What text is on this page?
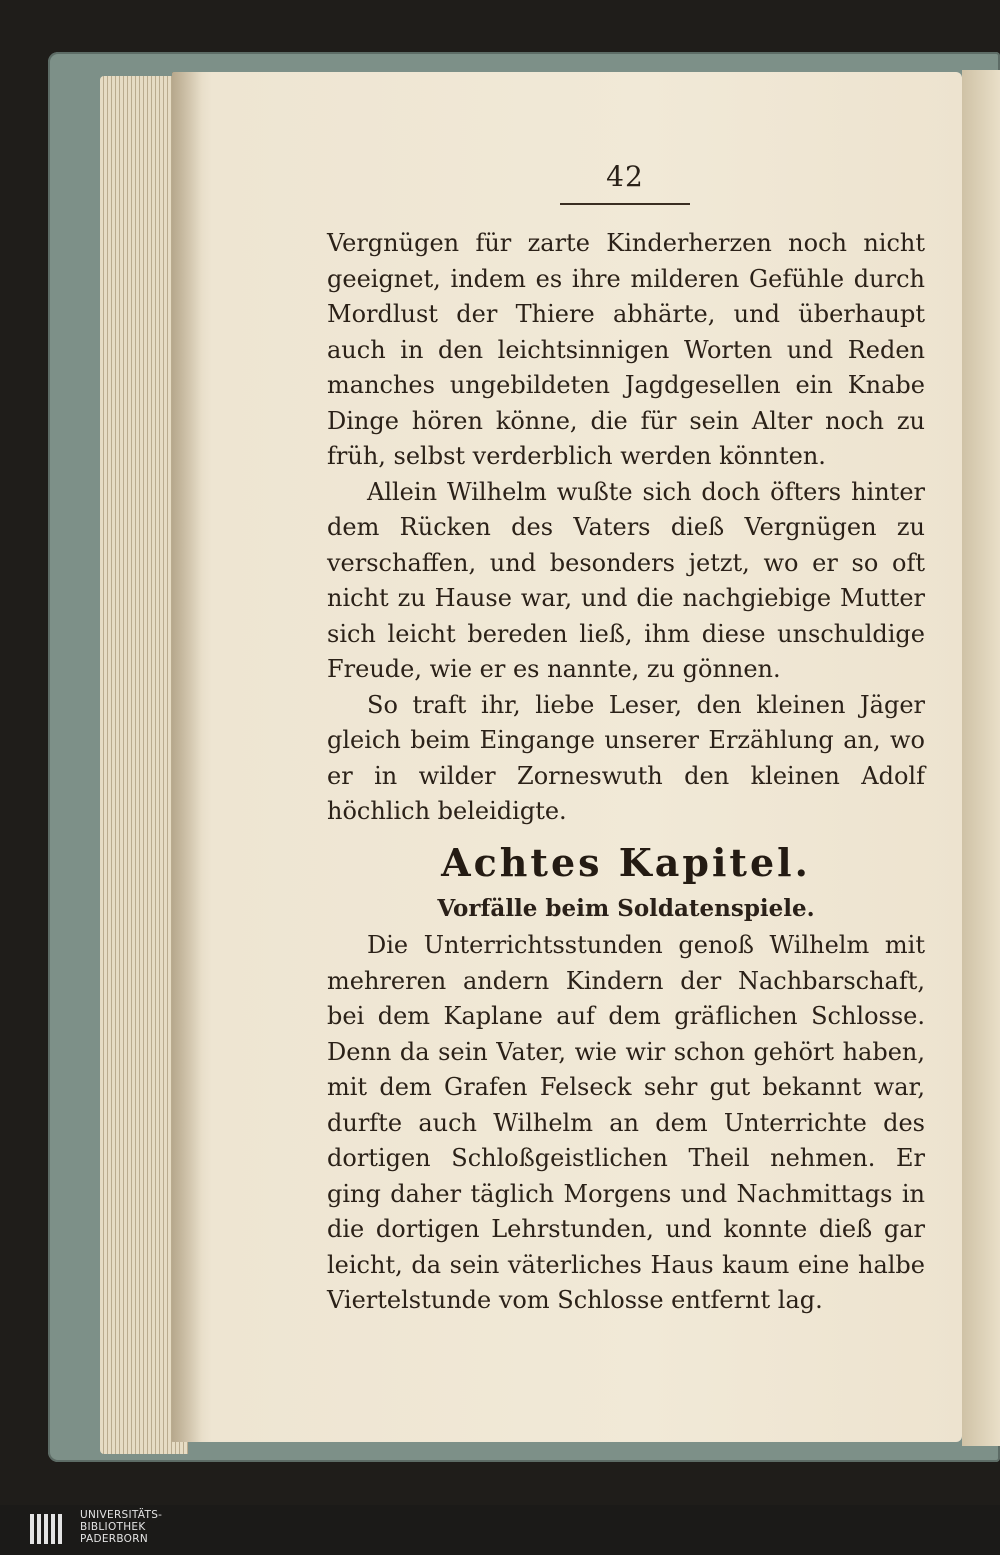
42

Vergnügen für zarte Kinderherzen noch nicht geeignet, indem es ihre milderen Gefühle durch Mordlust der Thiere abhärte, und überhaupt auch in den leichtsinnigen Worten und Reden manches ungebildeten Jagdgesellen ein Knabe Dinge hören könne, die für sein Alter noch zu früh, selbst verderblich werden könnten.

Allein Wilhelm wußte sich doch öfters hinter dem Rücken des Vaters dieß Vergnügen zu verschaffen, und besonders jetzt, wo er so oft nicht zu Hause war, und die nachgiebige Mutter sich leicht bereden ließ, ihm diese unschuldige Freude, wie er es nannte, zu gönnen.

So traft ihr, liebe Leser, den kleinen Jäger gleich beim Eingange unserer Erzählung an, wo er in wilder Zorneswuth den kleinen Adolf höchlich beleidigte.

Achtes Kapitel.
Vorfälle beim Soldatenspiele.

Die Unterrichtsstunden genoß Wilhelm mit mehreren andern Kindern der Nachbarschaft, bei dem Kaplane auf dem gräflichen Schlosse. Denn da sein Vater, wie wir schon gehört haben, mit dem Grafen Felseck sehr gut bekannt war, durfte auch Wilhelm an dem Unterrichte des dortigen Schloßgeistlichen Theil nehmen. Er ging daher täglich Morgens und Nachmittags in die dortigen Lehrstunden, und konnte dieß gar leicht, da sein väterliches Haus kaum eine halbe Viertelstunde vom Schlosse entfernt lag.

UNIVERSITÄTS-
BIBLIOTHEK
PADERBORN
